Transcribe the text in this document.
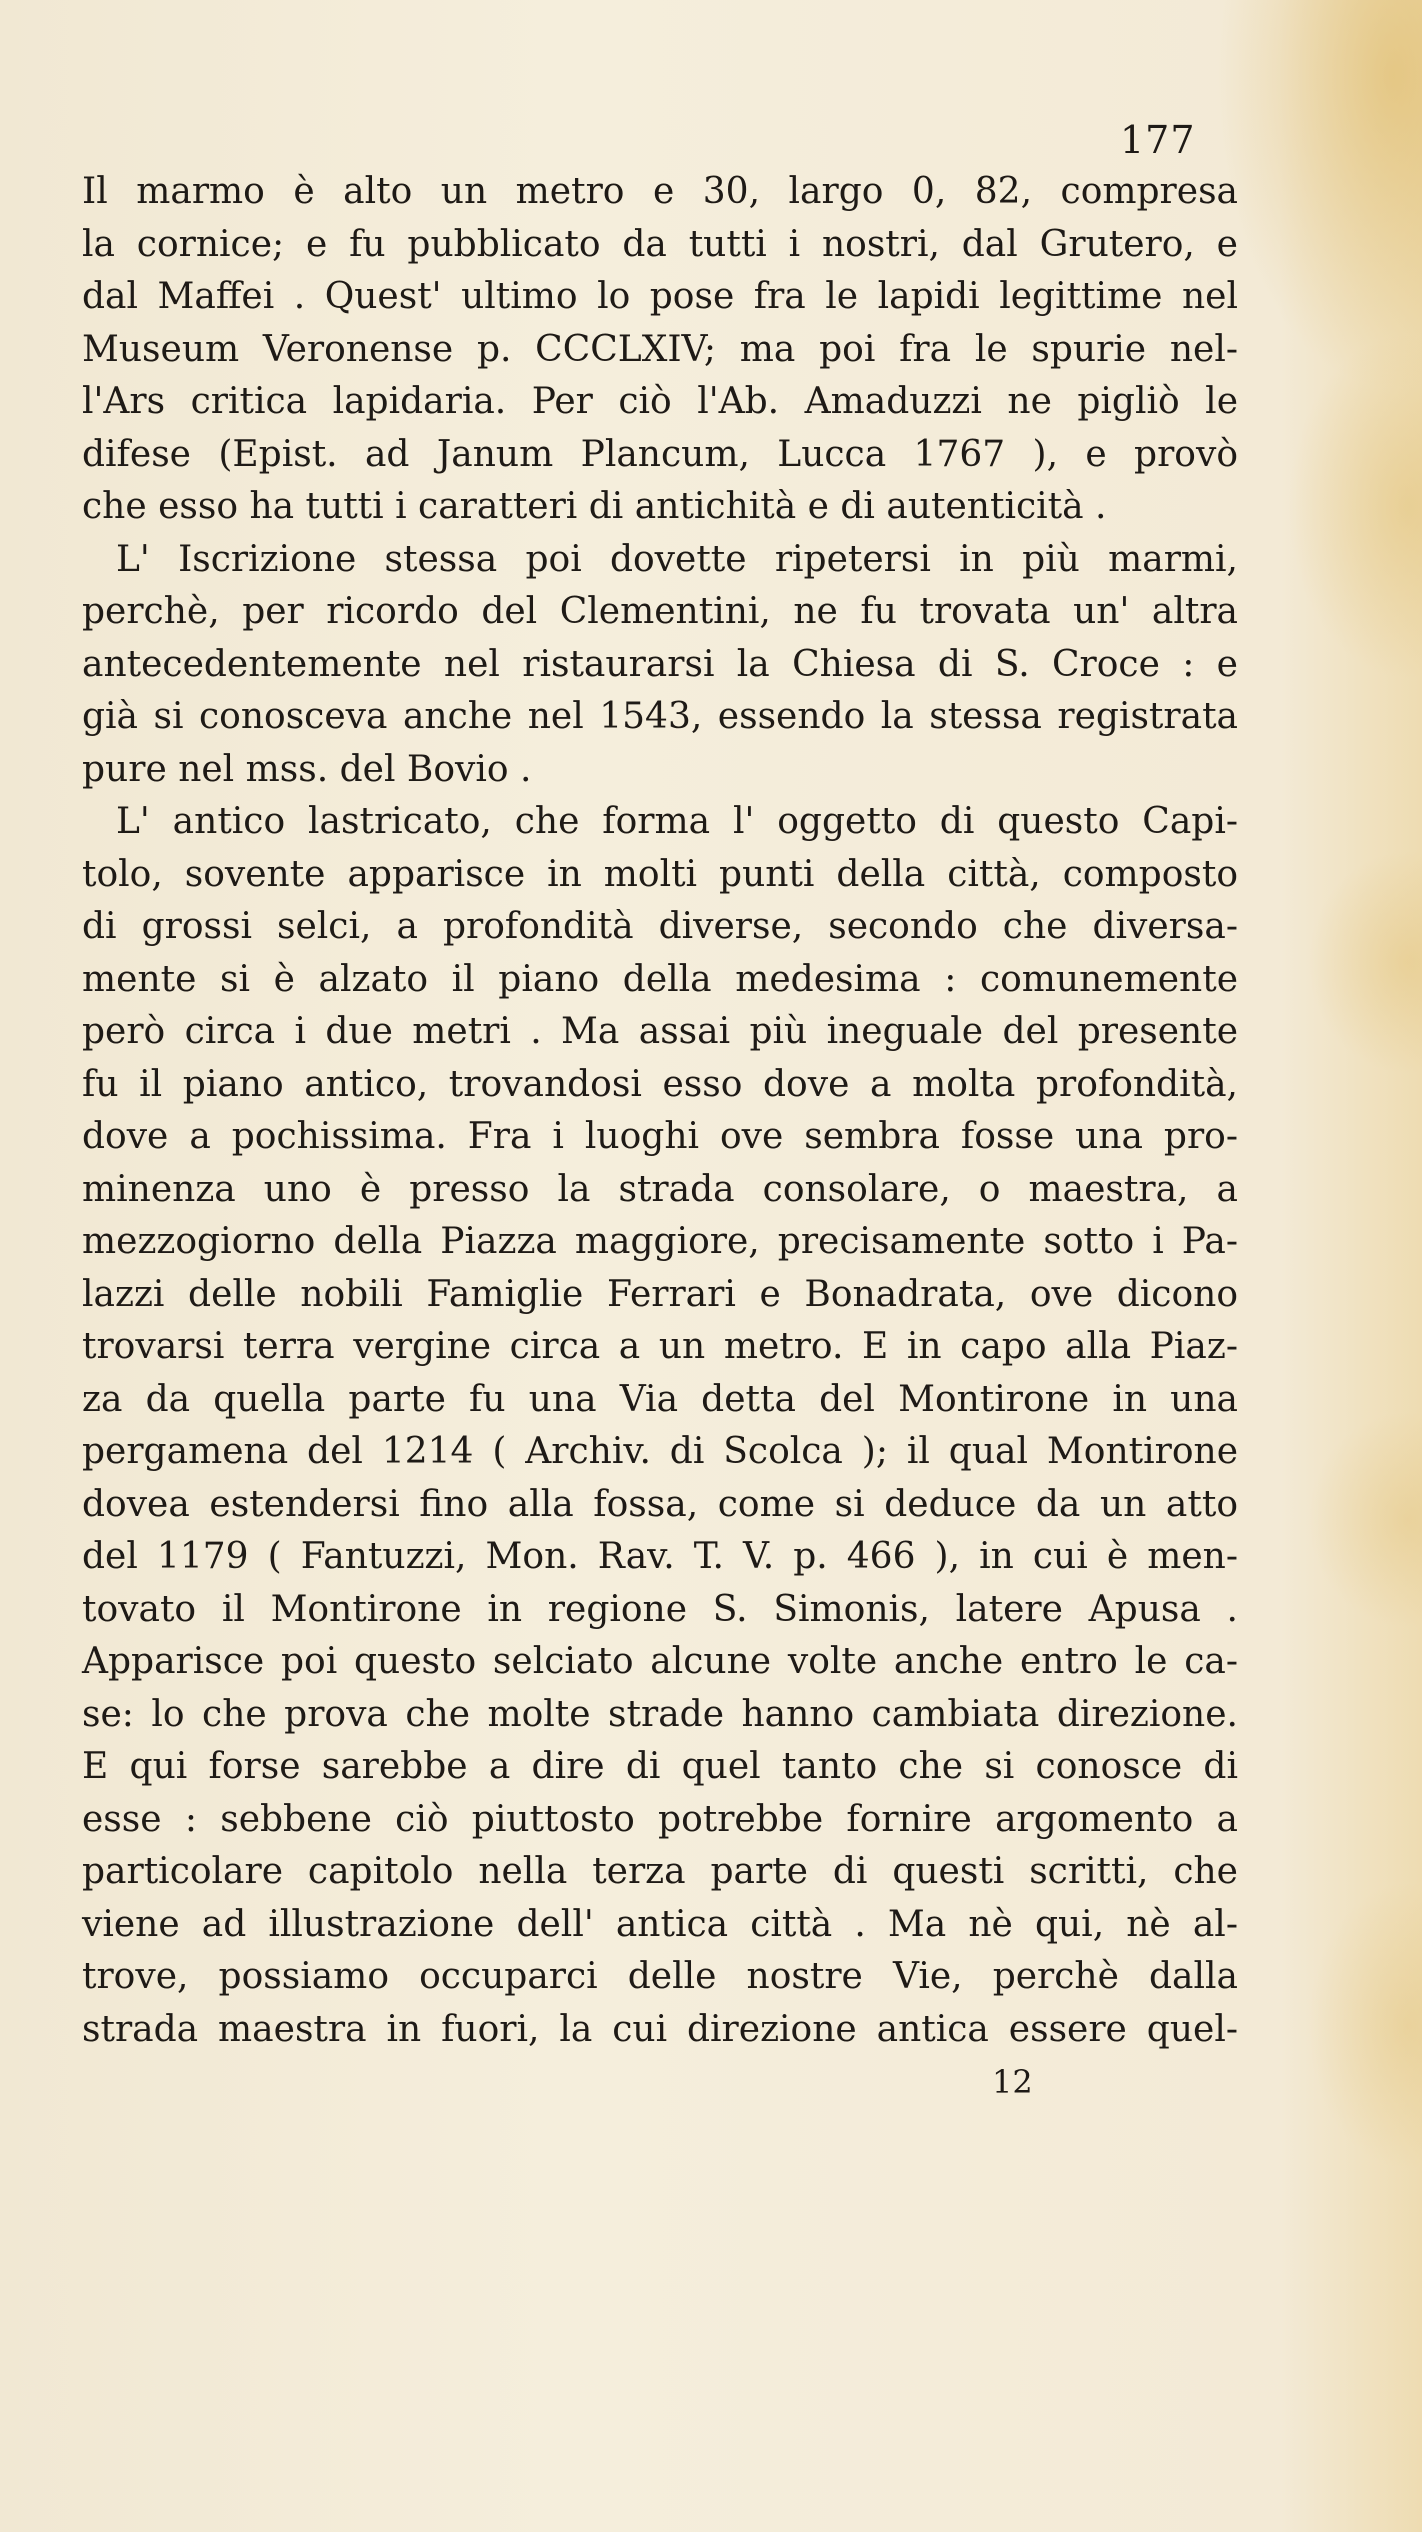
177
Il marmo è alto un metro e 30, largo 0, 82, compresa
la cornice; e fu pubblicato da tutti i nostri, dal Grutero, e
dal Maffei . Quest' ultimo lo pose fra le lapidi legittime nel
Museum Veronense p. CCCLXIV; ma poi fra le spurie nel-
l'Ars critica lapidaria. Per ciò l'Ab. Amaduzzi ne pigliò le
difese (Epist. ad Janum Plancum, Lucca 1767 ), e provò
che esso ha tutti i caratteri di antichità e di autenticità .
L' Iscrizione stessa poi dovette ripetersi in più marmi,
perchè, per ricordo del Clementini, ne fu trovata un' altra
antecedentemente nel ristaurarsi la Chiesa di S. Croce : e
già si conosceva anche nel 1543, essendo la stessa registrata
pure nel mss. del Bovio .
L' antico lastricato, che forma l' oggetto di questo Capi-
tolo, sovente apparisce in molti punti della città, composto
di grossi selci, a profondità diverse, secondo che diversa-
mente si è alzato il piano della medesima : comunemente
però circa i due metri . Ma assai più ineguale del presente
fu il piano antico, trovandosi esso dove a molta profondità,
dove a pochissima. Fra i luoghi ove sembra fosse una pro-
minenza uno è presso la strada consolare, o maestra, a
mezzogiorno della Piazza maggiore, precisamente sotto i Pa-
lazzi delle nobili Famiglie Ferrari e Bonadrata, ove dicono
trovarsi terra vergine circa a un metro. E in capo alla Piaz-
za da quella parte fu una Via detta del Montirone in una
pergamena del 1214 ( Archiv. di Scolca ); il qual Montirone
dovea estendersi fino alla fossa, come si deduce da un atto
del 1179 ( Fantuzzi, Mon. Rav. T. V. p. 466 ), in cui è men-
tovato il Montirone in regione S. Simonis, latere Apusa .
Apparisce poi questo selciato alcune volte anche entro le ca-
se: lo che prova che molte strade hanno cambiata direzione.
E qui forse sarebbe a dire di quel tanto che si conosce di
esse : sebbene ciò piuttosto potrebbe fornire argomento a
particolare capitolo nella terza parte di questi scritti, che
viene ad illustrazione dell' antica città . Ma nè qui, nè al-
trove, possiamo occuparci delle nostre Vie, perchè dalla
strada maestra in fuori, la cui direzione antica essere quel-
12
